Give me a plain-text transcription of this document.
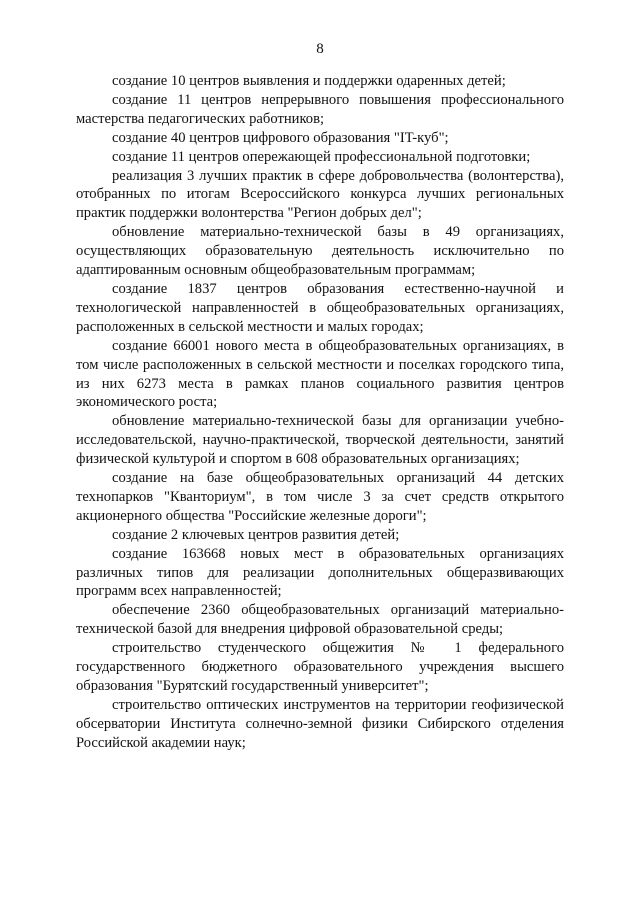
8

создание 10 центров выявления и поддержки одаренных детей;

создание 11 центров непрерывного повышения профессионального мастерства педагогических работников;

создание 40 центров цифрового образования "IT-куб";

создание 11 центров опережающей профессиональной подготовки;

реализация 3 лучших практик в сфере добровольчества (волонтерства), отобранных по итогам Всероссийского конкурса лучших региональных практик поддержки волонтерства "Регион добрых дел";

обновление материально-технической базы в 49 организациях, осуществляющих образовательную деятельность исключительно по адаптированным основным общеобразовательным программам;

создание 1837 центров образования естественно-научной и технологической направленностей в общеобразовательных организациях, расположенных в сельской местности и малых городах;

создание 66001 нового места в общеобразовательных организациях, в том числе расположенных в сельской местности и поселках городского типа, из них 6273 места в рамках планов социального развития центров экономического роста;

обновление материально-технической базы для организации учебно-исследовательской, научно-практической, творческой деятельности, занятий физической культурой и спортом в 608 образовательных организациях;

создание на базе общеобразовательных организаций 44 детских технопарков "Кванториум", в том числе 3 за счет средств открытого акционерного общества "Российские железные дороги";

создание 2 ключевых центров развития детей;

создание 163668 новых мест в образовательных организациях различных типов для реализации дополнительных общеразвивающих программ всех направленностей;

обеспечение 2360 общеобразовательных организаций материально-технической базой для внедрения цифровой образовательной среды;

строительство студенческого общежития № 1 федерального государственного бюджетного образовательного учреждения высшего образования "Бурятский государственный университет";

строительство оптических инструментов на территории геофизической обсерватории Института солнечно-земной физики Сибирского отделения Российской академии наук;
